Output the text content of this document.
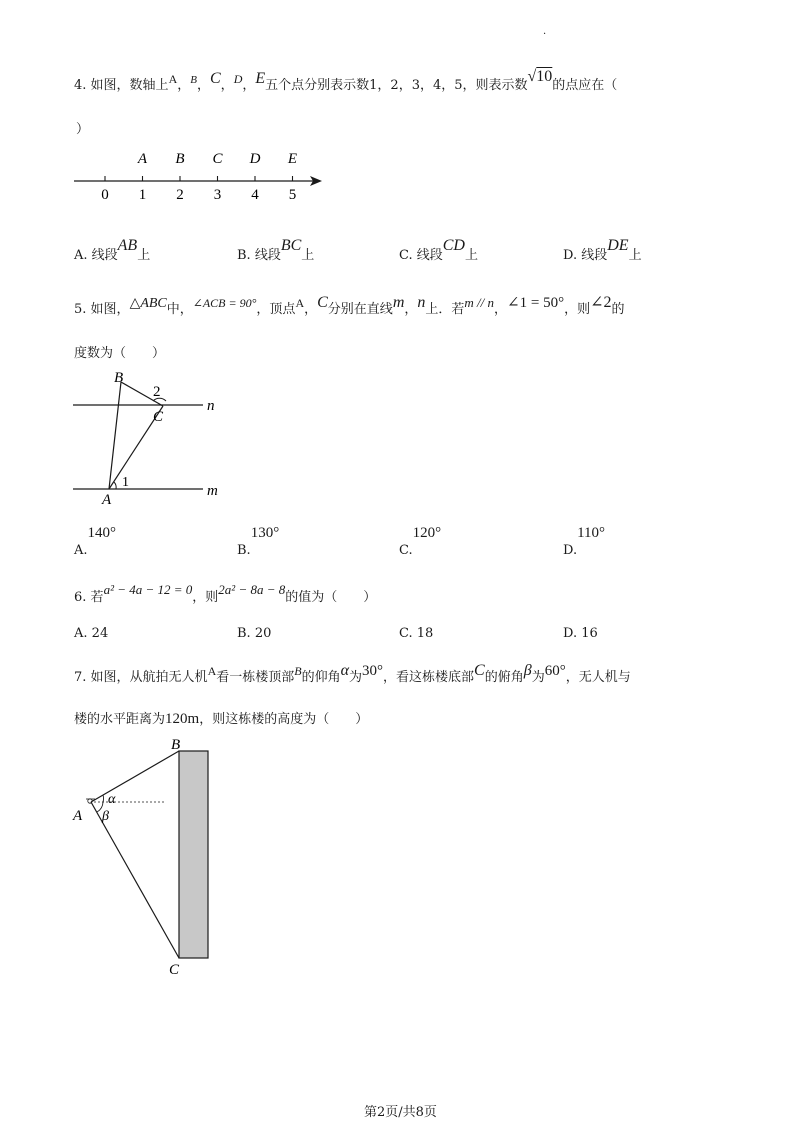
.
4. 如图，数轴上A，$^B$，C，D，E五个点分别表示数1，2，3，4，5，则表示数√10的点应在（
）
0 1 2 3 4 5
A B C D E
A. 线段AB上	B. 线段BC上	C. 线段CD上	D. 线段DE上
5. 如图，△ABC中，∠ACB = 90°，顶点A，C分别在直线m，n上．若m // n，∠1 = 50°，则∠2的
度数为（　　）
B
2
C
n
1
A
m
$_{A.}$140°
$_{B.}$130°
$_{C.}$120°
$_{D.}$110°
6. 若a² − 4a − 12 = 0，则2a² − 8a − 8的值为（　　）
A. 24	B. 20	C. 18	D. 16
7. 如图，从航拍无人机A看一栋楼顶部B的仰角α为30°，看这栋楼底部C的俯角β为60°，无人机与
楼的水平距离为120m，则这栋楼的高度为（　　）
B
α
A β
C
第2页/共8页
